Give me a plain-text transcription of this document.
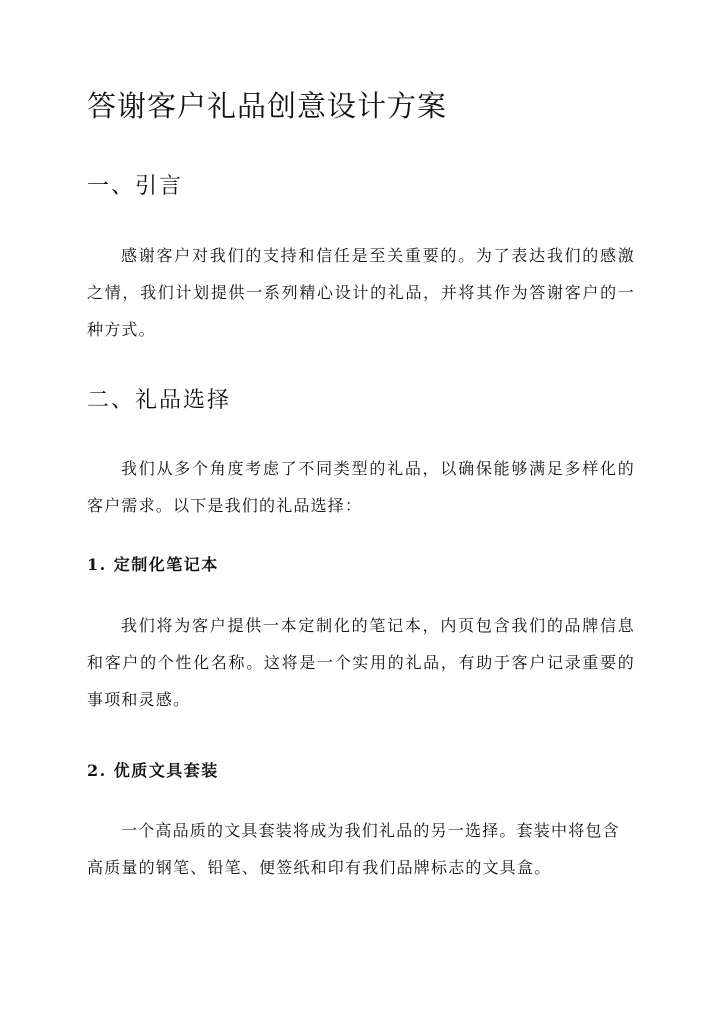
答谢客户礼品创意设计方案
一、引言

感谢客户对我们的支持和信任是至关重要的。为了表达我们的感激之情，我们计划提供一系列精心设计的礼品，并将其作为答谢客户的一种方式。

二、礼品选择

我们从多个角度考虑了不同类型的礼品，以确保能够满足多样化的客户需求。以下是我们的礼品选择：

1. 定制化笔记本

我们将为客户提供一本定制化的笔记本，内页包含我们的品牌信息和客户的个性化名称。这将是一个实用的礼品，有助于客户记录重要的事项和灵感。

2. 优质文具套装

一个高品质的文具套装将成为我们礼品的另一选择。套装中将包含高质量的钢笔、铅笔、便签纸和印有我们品牌标志的文具盒。
